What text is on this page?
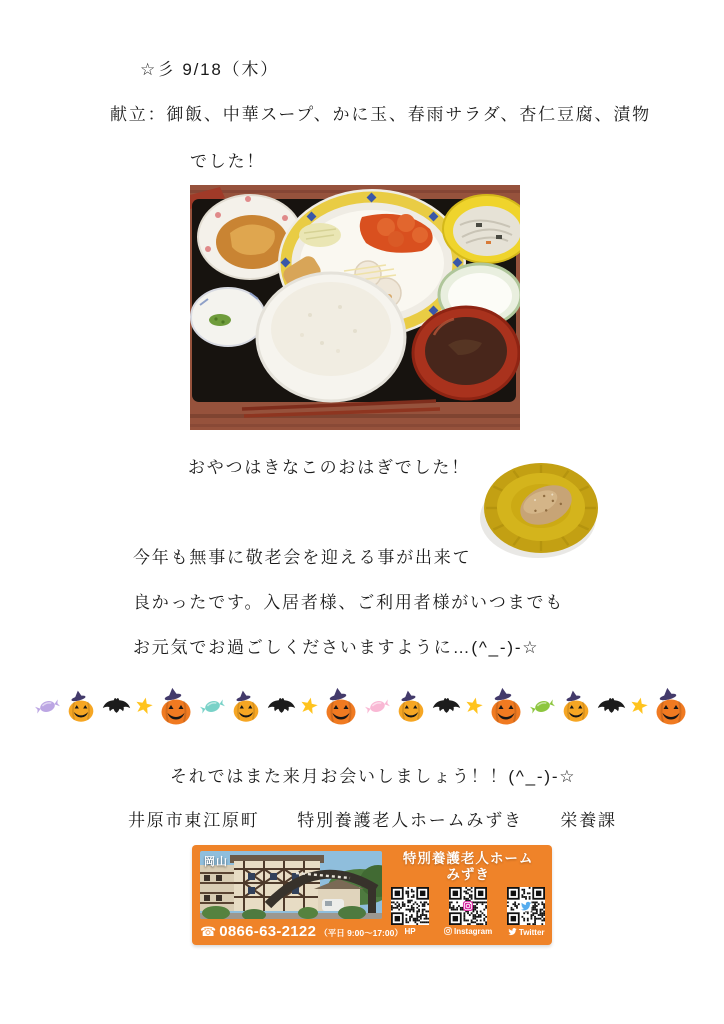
☆彡 9/18（木）
献立：御飯、中華スープ、かに玉、春雨サラダ、杏仁豆腐、漬物
でした！
おやつはきなこのおはぎでした！
今年も無事に敬老会を迎える事が出来て
良かったです。入居者様、ご利用者様がいつまでも
お元気でお過ごしくださいますように…(^_-)-☆
それではまた来月お会いしましょう！！(^_-)-☆
井原市東江原町　　特別養護老人ホームみずき　　栄養課
岡山
☎ 0866-63-2122 （平日 9:00～17:00）
特別養護老人ホーム
みずき
HP	Instagram	Twitter
